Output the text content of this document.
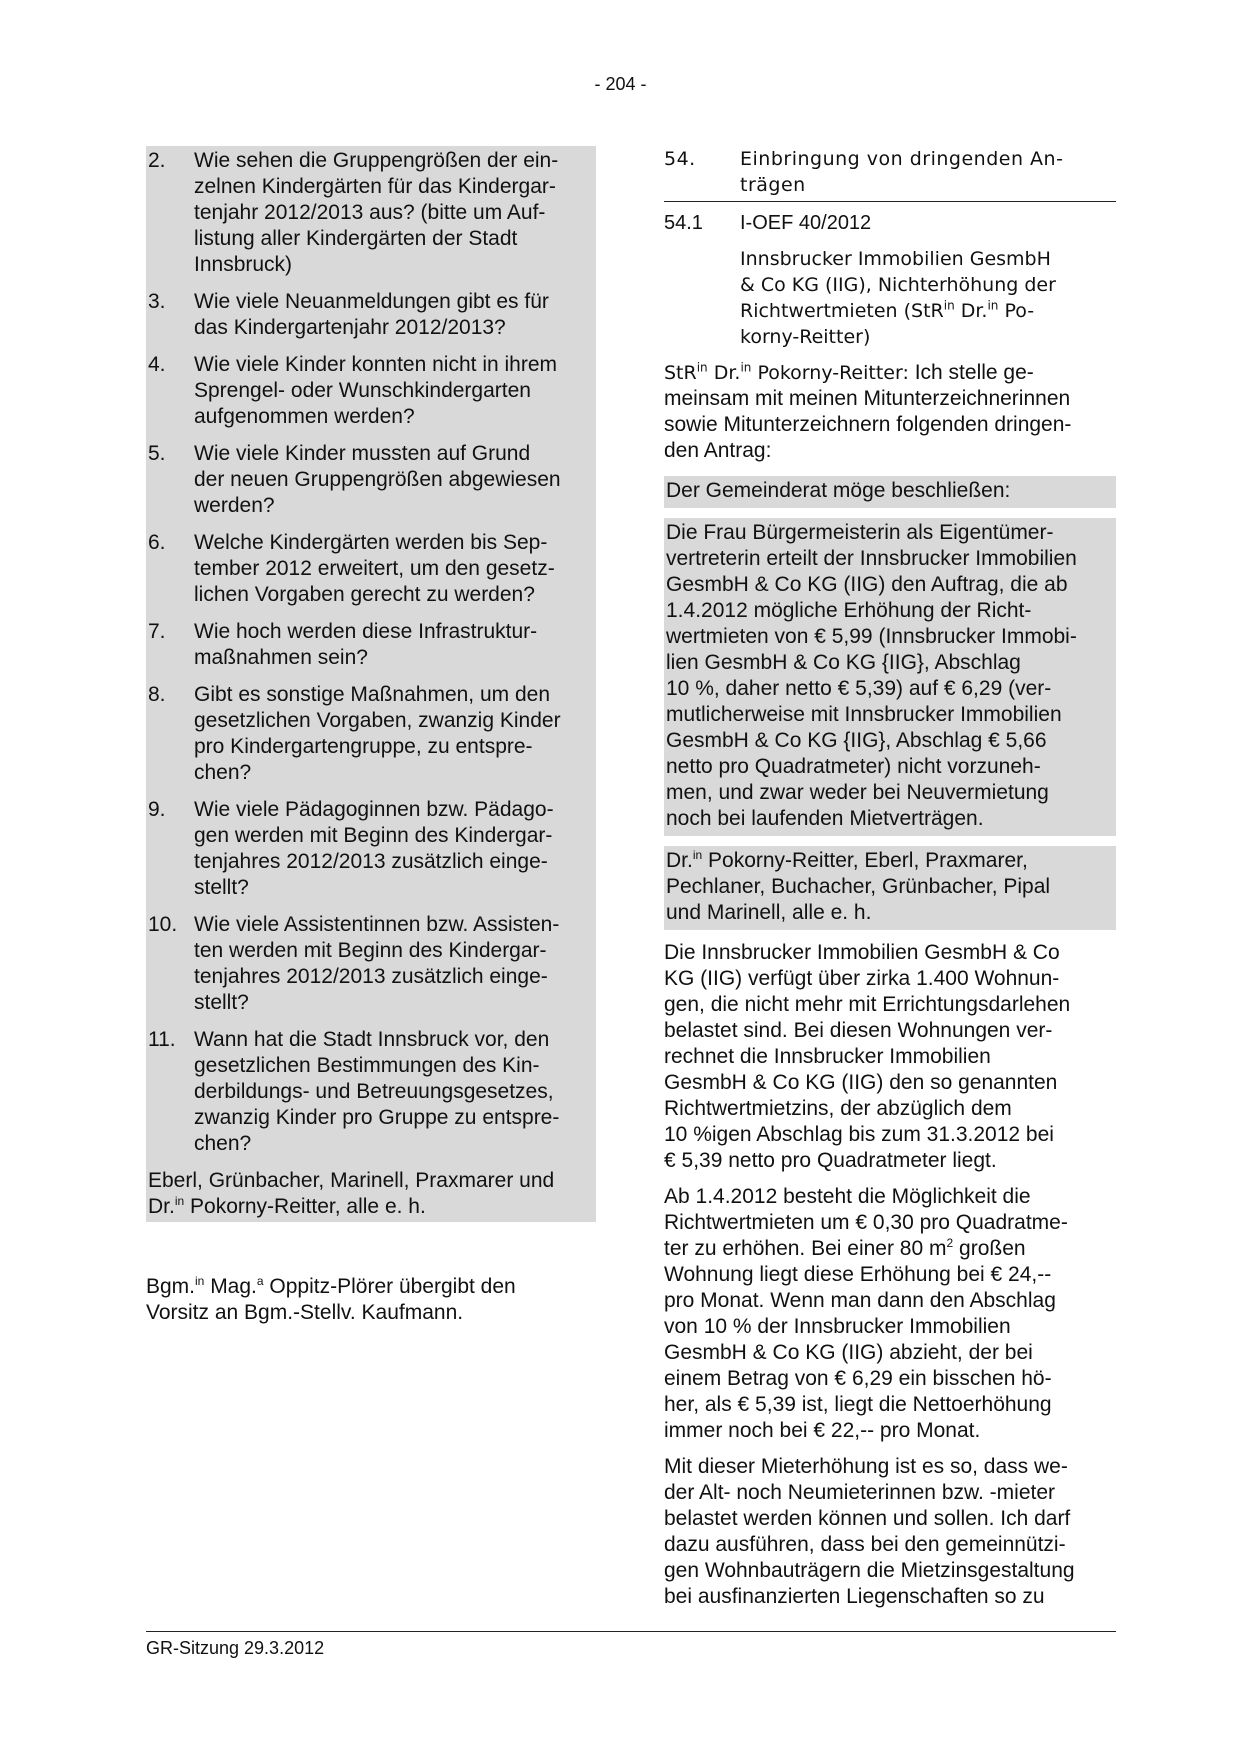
- 204 -
2.	Wie sehen die Gruppengrößen der ein-
zelnen Kindergärten für das Kindergar-
tenjahr 2012/2013 aus? (bitte um Auf-
listung aller Kindergärten der Stadt
Innsbruck)
3.	Wie viele Neuanmeldungen gibt es für
das Kindergartenjahr 2012/2013?
4.	Wie viele Kinder konnten nicht in ihrem
Sprengel- oder Wunschkindergarten
aufgenommen werden?
5.	Wie viele Kinder mussten auf Grund
der neuen Gruppengrößen abgewiesen
werden?
6.	Welche Kindergärten werden bis Sep-
tember 2012 erweitert, um den gesetz-
lichen Vorgaben gerecht zu werden?
7.	Wie hoch werden diese Infrastruktur-
maßnahmen sein?
8.	Gibt es sonstige Maßnahmen, um den
gesetzlichen Vorgaben, zwanzig Kinder
pro Kindergartengruppe, zu entspre-
chen?
9.	Wie viele Pädagoginnen bzw. Pädago-
gen werden mit Beginn des Kindergar-
tenjahres 2012/2013 zusätzlich einge-
stellt?
10. Wie viele Assistentinnen bzw. Assisten-
ten werden mit Beginn des Kindergar-
tenjahres 2012/2013 zusätzlich einge-
stellt?
11. Wann hat die Stadt Innsbruck vor, den
gesetzlichen Bestimmungen des Kin-
derbildungs- und Betreuungsgesetzes,
zwanzig Kinder pro Gruppe zu entspre-
chen?
Eberl, Grünbacher, Marinell, Praxmarer und
Dr.$^{in}$ Pokorny-Reitter, alle e. h.
Bgm.$^{in}$ Mag.$^a$ Oppitz-Plörer übergibt den
Vorsitz an Bgm.-Stellv. Kaufmann.
54.	Einbringung von dringenden An-
trägen
54.1	I-OEF 40/2012
Innsbrucker Immobilien GesmbH
& Co KG (IIG), Nichterhöhung der
Richtwertmieten (StR$^{in}$ Dr.$^{in}$ Po-
korny-Reitter)
StR$^{in}$ Dr.$^{in}$ Pokorny-Reitter: Ich stelle ge-
meinsam mit meinen Mitunterzeichnerinnen
sowie Mitunterzeichnern folgenden dringen-
den Antrag:
Der Gemeinderat möge beschließen:
Die Frau Bürgermeisterin als Eigentümer-
vertreterin erteilt der Innsbrucker Immobilien
GesmbH & Co KG (IIG) den Auftrag, die ab
1.4.2012 mögliche Erhöhung der Richt-
wertmieten von € 5,99 (Innsbrucker Immobi-
lien GesmbH & Co KG {IIG}, Abschlag
10 %, daher netto € 5,39) auf € 6,29 (ver-
mutlicherweise mit Innsbrucker Immobilien
GesmbH & Co KG {IIG}, Abschlag € 5,66
netto pro Quadratmeter) nicht vorzuneh-
men, und zwar weder bei Neuvermietung
noch bei laufenden Mietverträgen.
Dr.$^{in}$ Pokorny-Reitter, Eberl, Praxmarer,
Pechlaner, Buchacher, Grünbacher, Pipal
und Marinell, alle e. h.
Die Innsbrucker Immobilien GesmbH & Co
KG (IIG) verfügt über zirka 1.400 Wohnun-
gen, die nicht mehr mit Errichtungsdarlehen
belastet sind. Bei diesen Wohnungen ver-
rechnet die Innsbrucker Immobilien
GesmbH & Co KG (IIG) den so genannten
Richtwertmietzins, der abzüglich dem
10 %igen Abschlag bis zum 31.3.2012 bei
€ 5,39 netto pro Quadratmeter liegt.
Ab 1.4.2012 besteht die Möglichkeit die
Richtwertmieten um € 0,30 pro Quadratme-
ter zu erhöhen. Bei einer 80 $m^2$ großen
Wohnung liegt diese Erhöhung bei € 24,--
pro Monat. Wenn man dann den Abschlag
von 10 % der Innsbrucker Immobilien
GesmbH & Co KG (IIG) abzieht, der bei
einem Betrag von € 6,29 ein bisschen hö-
her, als € 5,39 ist, liegt die Nettoerhöhung
immer noch bei € 22,-- pro Monat.
Mit dieser Mieterhöhung ist es so, dass we-
der Alt- noch Neumieterinnen bzw. -mieter
belastet werden können und sollen. Ich darf
dazu ausführen, dass bei den gemeinnützi-
gen Wohnbauträgern die Mietzinsgestaltung
bei ausfinanzierten Liegenschaften so zu
GR-Sitzung 29.3.2012
